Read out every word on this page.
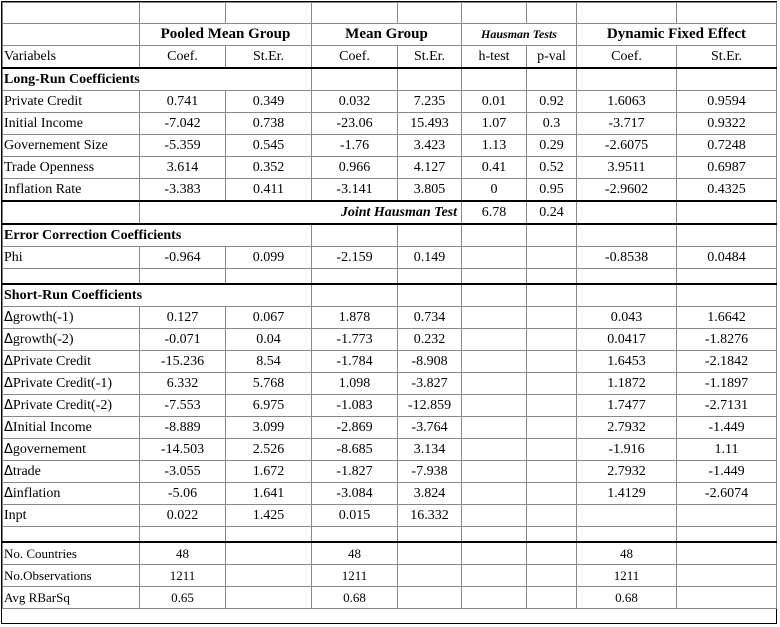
	Pooled Mean Group		Mean Group		Hausman Tests		Dynamic Fixed Effect	
Variabels	Coef.	St.Er.	Coef.	St.Er.	h-test	p-val	Coef.	St.Er.
Long-Run Coefficients								
Private Credit	0.741	0.349	0.032	7.235	0.01	0.92	1.6063	0.9594
Initial Income	-7.042	0.738	-23.06	15.493	1.07	0.3	-3.717	0.9322
Governement Size	-5.359	0.545	-1.76	3.423	1.13	0.29	-2.6075	0.7248
Trade Openness	3.614	0.352	0.966	4.127	0.41	0.52	3.9511	0.6987
Inflation Rate	-3.383	0.411	-3.141	3.805	0	0.95	-2.9602	0.4325
	Joint Hausman Test				6.78	0.24		
Error Correction Coefficients								
Phi	-0.964	0.099	-2.159	0.149			-0.8538	0.0484

Short-Run Coefficients								
Δgrowth(-1)	0.127	0.067	1.878	0.734			0.043	1.6642
Δgrowth(-2)	-0.071	0.04	-1.773	0.232			0.0417	-1.8276
ΔPrivate Credit	-15.236	8.54	-1.784	-8.908			1.6453	-2.1842
ΔPrivate Credit(-1)	6.332	5.768	1.098	-3.827			1.1872	-1.1897
ΔPrivate Credit(-2)	-7.553	6.975	-1.083	-12.859			1.7477	-2.7131
ΔInitial Income	-8.889	3.099	-2.869	-3.764			2.7932	-1.449
Δgovernement	-14.503	2.526	-8.685	3.134			-1.916	1.11
Δtrade	-3.055	1.672	-1.827	-7.938			2.7932	-1.449
Δinflation	-5.06	1.641	-3.084	3.824			1.4129	-2.6074
Inpt	0.022	1.425	0.015	16.332				

No. Countries	48		48				48	
No.Observations	1211		1211				1211	
Avg RBarSq	0.65		0.68				0.68	
